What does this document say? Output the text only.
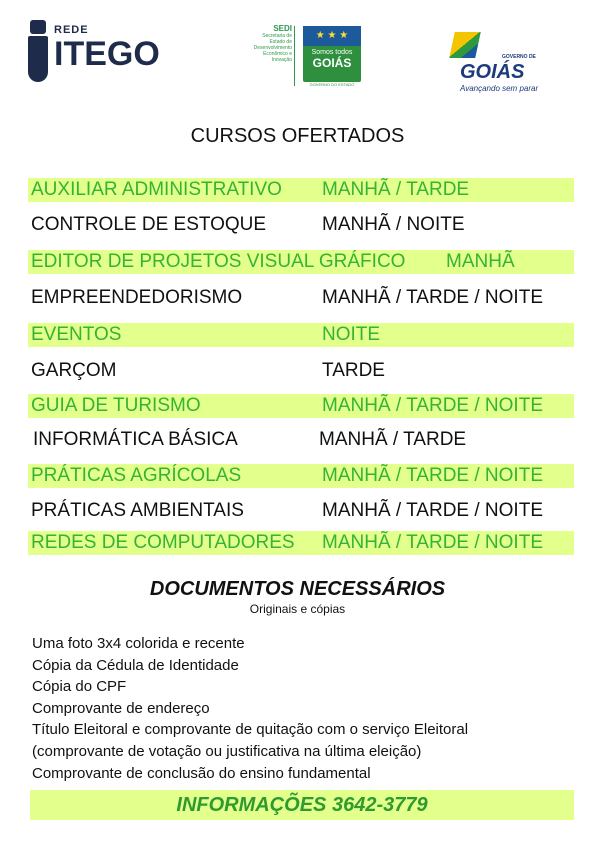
REDE
ITEGO
SEDI
Secretaria de
Estado de
Desenvolvimento
Econômico e
Inovação
★ ★ ★
Somos todos
GOIÁS
GOVERNO DO ESTADO
GOVERNO DE
GOIÁS
Avançando sem parar
CURSOS OFERTADOS
AUXILIAR ADMINISTRATIVO MANHÃ / TARDE
CONTROLE DE ESTOQUE	MANHÃ / NOITE
EDITOR DE PROJETOS VISUAL GRÁFICO MANHÃ
EMPREENDEDORISMO	MANHÃ / TARDE / NOITE
EVENTOS	NOITE
GARÇOM	TARDE
GUIA DE TURISMO	MANHÃ / TARDE / NOITE
INFORMÁTICA BÁSICA	MANHÃ / TARDE
PRÁTICAS AGRÍCOLAS	MANHÃ / TARDE / NOITE
PRÁTICAS AMBIENTAIS	MANHÃ / TARDE / NOITE
REDES DE COMPUTADORES MANHÃ / TARDE / NOITE
DOCUMENTOS NECESSÁRIOS
Originais e cópias
Uma foto 3x4 colorida e recente
Cópia da Cédula de Identidade
Cópia do CPF
Comprovante de endereço
Título Eleitoral e comprovante de quitação com o serviço Eleitoral
(comprovante de votação ou justificativa na última eleição)
Comprovante de conclusão do ensino fundamental
INFORMAÇÕES 3642-3779
